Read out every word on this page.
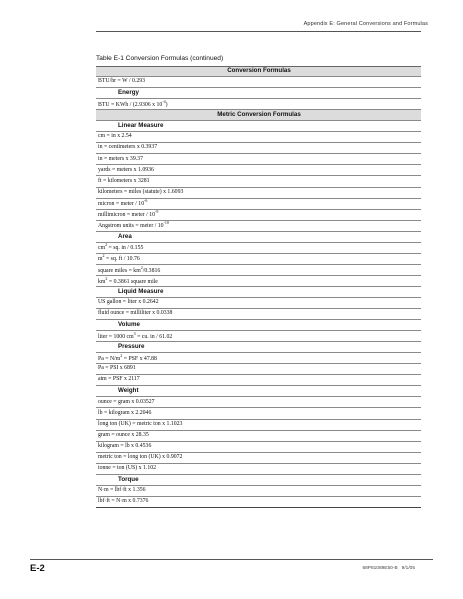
Appendix E: General Conversions and Formulas
Table E-1 Conversion Formulas (continued)
Conversion Formulas
BTU/hr = W / 0.293
Energy
BTU = KWh / (2.9306 x $10^{-4}$)
Metric Conversion Formulas
Linear Measure
cm = in x 2.54
in = centimeters x 0.3937
in = meters x 39.37
yards = meters x 1.0936
ft = kilometers x 3281
kilometers = miles (statute) x 1.6093
micron = meter / $10^{-6}$
millimicron = meter / $10^{-9}$
Angstrom units = meter / $10^{-10}$
Area
$cm^2$ = sq. in / 0.155
$m^2$ = sq. ft / 10.76
square miles = $km^2/0.3816$
$km^2 = 0.3861$ square mile
Liquid Measure
US gallon = liter x 0.2642
fluid ounce = milliliter x 0.0338
Volume
liter = 1000 $cm^3$ = cu. in / 61.02
Pressure
$Pa = N/m^2$ = PSF x 47.88
Pa = PSI x 6891
atm = PSF x 2117
Weight
ounce = gram x 0.03527
lb = kilogram x 2.2046
long ton (UK) = metric ton x 1.1023
gram = ounce x 28.35
kilogram = lb x 0.4536
metric ton = long ton (UK) x 0.9072
tonne = ton (US) x 1.102
Torque
N·m = lbf·ft x 1.356
lbf·ft = N·m x 0.7376
E-2	68P81089E50-B 9/1/05
